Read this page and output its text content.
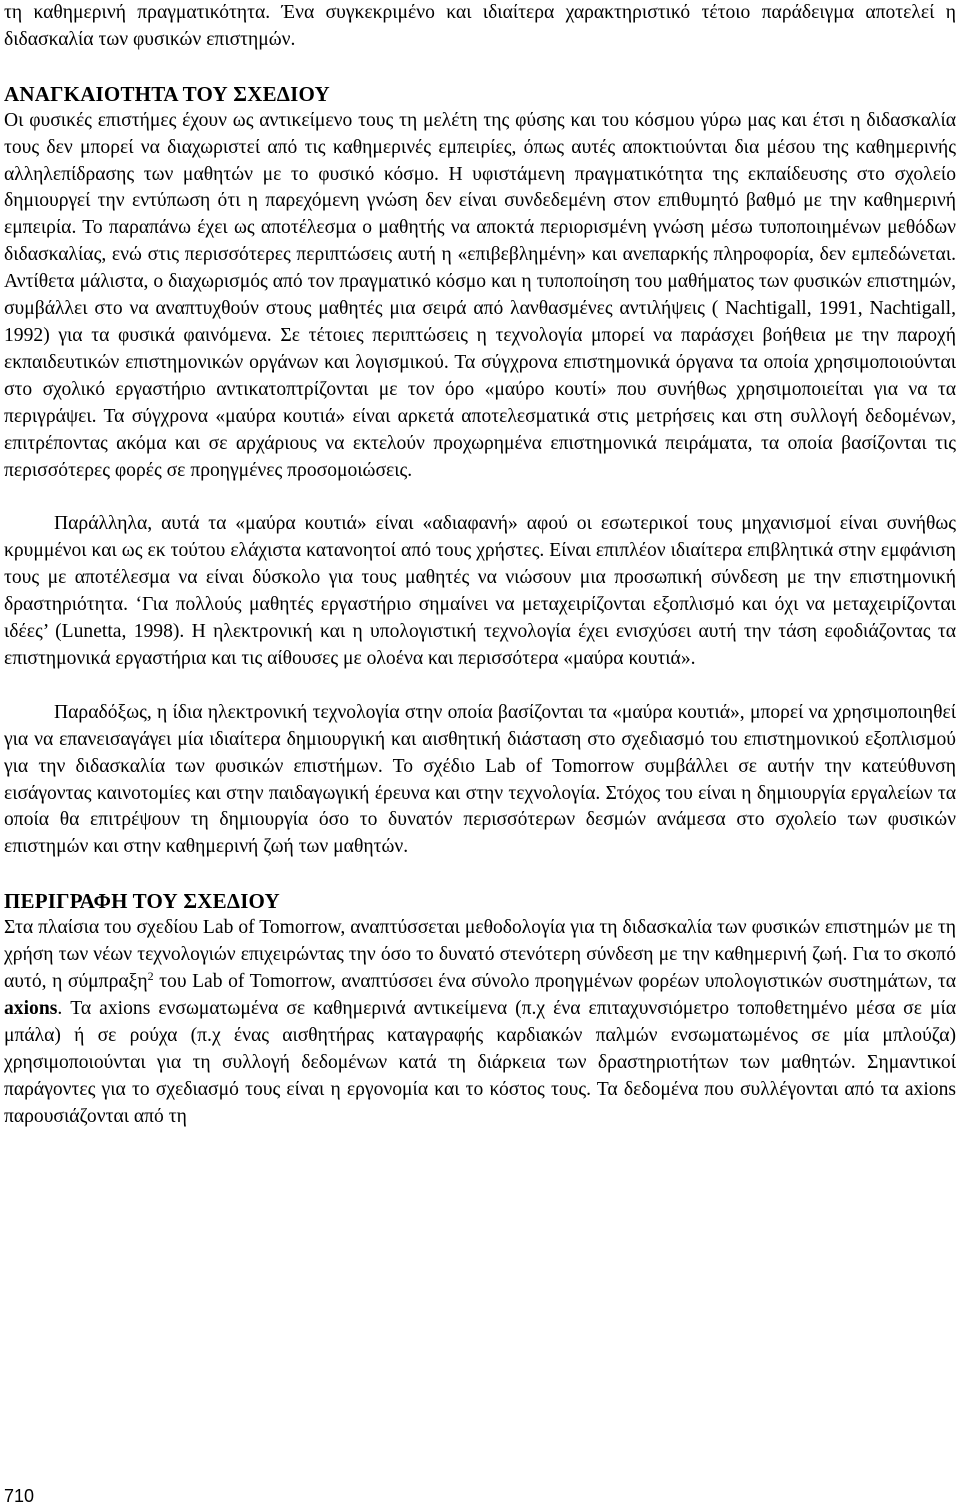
τη καθημερινή πραγματικότητα. Ένα συγκεκριμένο και ιδιαίτερα χαρακτηριστικό τέτοιο παράδειγμα αποτελεί η διδασκαλία των φυσικών επιστημών.

ΑΝΑΓΚΑΙΟΤΗΤΑ ΤΟΥ ΣΧΕΔΙΟΥ

Οι φυσικές επιστήμες έχουν ως αντικείμενο τους τη μελέτη της φύσης και του κόσμου γύρω μας και έτσι η διδασκαλία τους δεν μπορεί να διαχωριστεί από τις καθημερινές εμπειρίες, όπως αυτές αποκτιούνται δια μέσου της καθημερινής αλληλεπίδρασης των μαθητών με το φυσικό κόσμο. Η υφιστάμενη πραγματικότητα της εκπαίδευσης στο σχολείο δημιουργεί την εντύπωση ότι η παρεχόμενη γνώση δεν είναι συνδεδεμένη στον επιθυμητό βαθμό με την καθημερινή εμπειρία. Το παραπάνω έχει ως αποτέλεσμα ο μαθητής να αποκτά περιορισμένη γνώση μέσω τυποποιημένων μεθόδων διδασκαλίας, ενώ στις περισσότερες περιπτώσεις αυτή η «επιβεβλημένη» και ανεπαρκής πληροφορία, δεν εμπεδώνεται. Αντίθετα μάλιστα, ο διαχωρισμός από τον πραγματικό κόσμο και η τυποποίηση του μαθήματος των φυσικών επιστημών, συμβάλλει στο να αναπτυχθούν στους μαθητές μια σειρά από λανθασμένες αντιλήψεις ( Nachtigall, 1991, Nachtigall, 1992) για τα φυσικά φαινόμενα. Σε τέτοιες περιπτώσεις η τεχνολογία μπορεί να παράσχει βοήθεια με την παροχή εκπαιδευτικών επιστημονικών οργάνων και λογισμικού. Τα σύγχρονα επιστημονικά όργανα τα οποία χρησιμοποιούνται στο σχολικό εργαστήριο αντικατοπτρίζονται με τον όρο «μαύρο κουτί» που συνήθως χρησιμοποιείται για να τα περιγράψει. Τα σύγχρονα «μαύρα κουτιά» είναι αρκετά αποτελεσματικά στις μετρήσεις και στη συλλογή δεδομένων, επιτρέποντας ακόμα και σε αρχάριους να εκτελούν προχωρημένα επιστημονικά πειράματα, τα οποία βασίζονται τις περισσότερες φορές σε προηγμένες προσομοιώσεις.

Παράλληλα, αυτά τα «μαύρα κουτιά» είναι «αδιαφανή» αφού οι εσωτερικοί τους μηχανισμοί είναι συνήθως κρυμμένοι και ως εκ τούτου ελάχιστα κατανοητοί από τους χρήστες. Είναι επιπλέον ιδιαίτερα επιβλητικά στην εμφάνιση τους με αποτέλεσμα να είναι δύσκολο για τους μαθητές να νιώσουν μια προσωπική σύνδεση με την επιστημονική δραστηριότητα. ‘Για πολλούς μαθητές εργαστήριο σημαίνει να μεταχειρίζονται εξοπλισμό και όχι να μεταχειρίζονται ιδέες’ (Lunetta, 1998). Η ηλεκτρονική και η υπολογιστική τεχνολογία έχει ενισχύσει αυτή την τάση εφοδιάζοντας τα επιστημονικά εργαστήρια και τις αίθουσες με ολοένα και περισσότερα «μαύρα κουτιά».

Παραδόξως, η ίδια ηλεκτρονική τεχνολογία στην οποία βασίζονται τα «μαύρα κουτιά», μπορεί να χρησιμοποιηθεί για να επανεισαγάγει μία ιδιαίτερα δημιουργική και αισθητική διάσταση στο σχεδιασμό του επιστημονικού εξοπλισμού για την διδασκαλία των φυσικών επιστήμων. Το σχέδιο Lab of Tomorrow συμβάλλει σε αυτήν την κατεύθυνση εισάγοντας καινοτομίες και στην παιδαγωγική έρευνα και στην τεχνολογία. Στόχος του είναι η δημιουργία εργαλείων τα οποία θα επιτρέψουν τη δημιουργία όσο το δυνατόν περισσότερων δεσμών ανάμεσα στο σχολείο των φυσικών επιστημών και στην καθημερινή ζωή των μαθητών.

ΠΕΡΙΓΡΑΦΗ ΤΟΥ ΣΧΕΔΙΟΥ

Στα πλαίσια του σχεδίου Lab of Tomorrow, αναπτύσσεται μεθοδολογία για τη διδασκαλία των φυσικών επιστημών με τη χρήση των νέων τεχνολογιών επιχειρώντας την όσο το δυνατό στενότερη σύνδεση με την καθημερινή ζωή. Για το σκοπό αυτό, η σύμπραξη$^2$ του Lab of Tomorrow, αναπτύσσει ένα σύνολο προηγμένων φορέων υπολογιστικών συστημάτων, τα axions. Τα axions ενσωματωμένα σε καθημερινά αντικείμενα (π.χ ένα επιταχυνσιόμετρο τοποθετημένο μέσα σε μία μπάλα) ή σε ρούχα (π.χ ένας αισθητήρας καταγραφής καρδιακών παλμών ενσωματωμένος σε μία μπλούζα) χρησιμοποιούνται για τη συλλογή δεδομένων κατά τη διάρκεια των δραστηριοτήτων των μαθητών. Σημαντικοί παράγοντες για το σχεδιασμό τους είναι η εργονομία και το κόστος τους. Τα δεδομένα που συλλέγονται από τα axions παρουσιάζονται από τη

710
